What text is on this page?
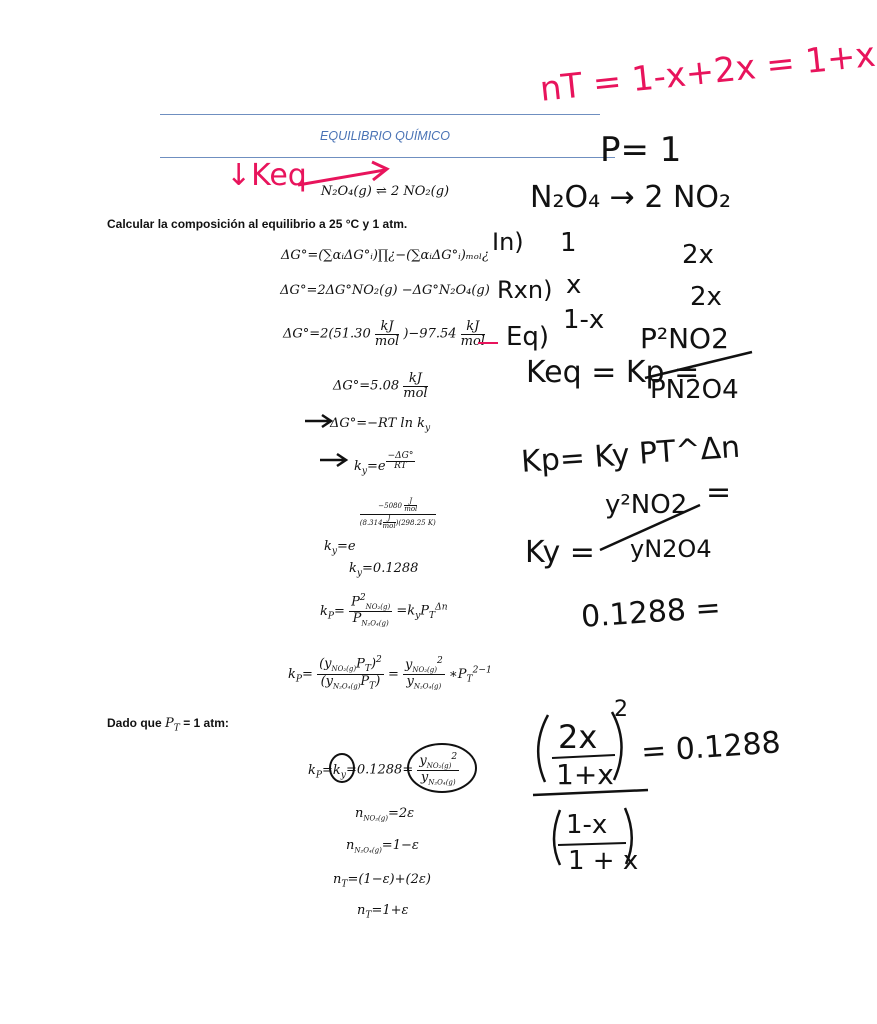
EQUILIBRIO QUÍMICO
N₂O₄(g) ⇌ 2 NO₂(g)
Calcular la composición al equilibrio a 25 °C y 1 atm.
ΔG°=(∑αᵢΔG°ᵢ)∏¿−(∑αᵢΔG°ᵢ)ₘₒₗ¿
ΔG°=2ΔG°NO₂(g) −ΔG°N₂O₄(g)
$\Delta G^\circ=2(51.30 \frac{kJ}{\text{mol}} )-97.54 \frac{kJ}{\text{mol}}$
$\Delta G^\circ=5.08 \frac{kJ}{\text{mol}}$
ΔG°=−RT $\ln k_y$
$k_y=e$ $^{\frac{-\Delta G^\circ}{RT}}$
$k_y=e$
$\frac{-5080 \frac{J}{\text{mol}}}{(8.314 \frac{J}{\text{mol}} )(298.25 K)}$
$k_y=0.1288$
$k_P= \frac{P^2_{NO_2(g)}}{P_{N_2O_4(g)}} =k_yP_T^{\Delta n}$
$k_P= \frac{(y_{NO_2(g)}P_T)^2}{(y_{N_2O_4(g)}P_T)} = \frac{y_{NO_2(g)}^2}{y_{N_2O_4(g)}}$ $∗P_T^{2-1}$
Dado que $P_T = 1$ atm:
$k_P=k_y=0.1288= \frac{y_{NO_2(g)}^2}{y_{N_2O_4(g)}}$
$n_{NO_2(g)}=2\varepsilon$
$n_{N_2O_4(g)}=1-\varepsilon$
$n_T=(1-\varepsilon)+(2\varepsilon)$
$n_T=1+\varepsilon$
nT = 1-x+2x = 1+x
P= 1
↓Keq
N₂O₄ → 2 NO₂
In) 1	2x
Rxn) x	2x
Eq)
1-x
Keq = Kp =
P²NO2
PN2O4
Kp= Ky PT^Δn
Ky =
y²NO2
yN2O4
=
0.1288 =
2x
1+x
2
= 0.1288
1-x
1 + x
